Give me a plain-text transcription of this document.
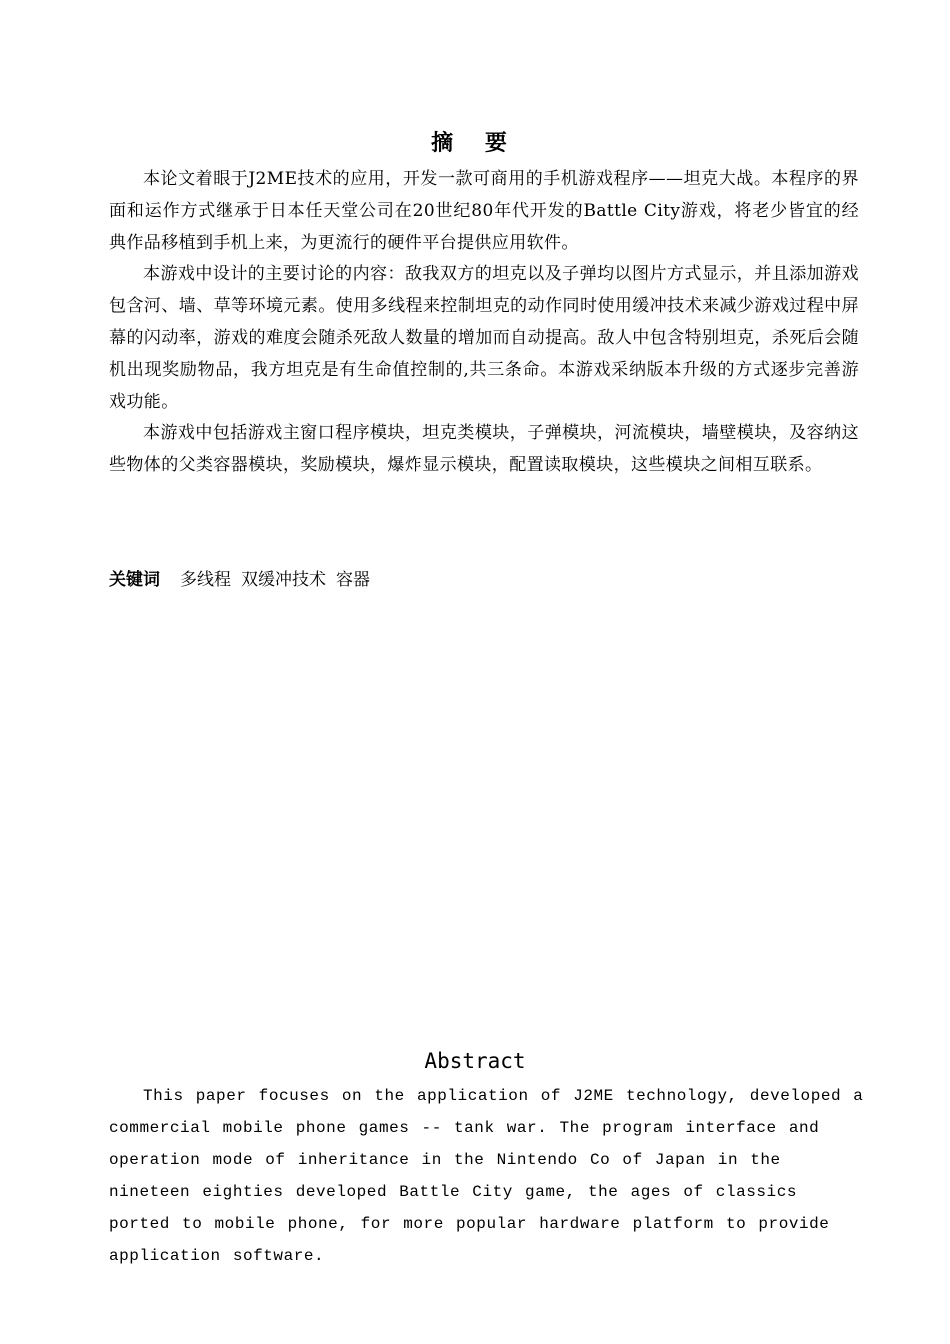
摘 要

本论文着眼于J2ME技术的应用，开发一款可商用的手机游戏程序——坦克大战。本程序的界面和运作方式继承于日本任天堂公司在20世纪80年代开发的Battle City游戏，将老少皆宜的经典作品移植到手机上来，为更流行的硬件平台提供应用软件。

本游戏中设计的主要讨论的内容：敌我双方的坦克以及子弹均以图片方式显示，并且添加游戏包含河、墙、草等环境元素。使用多线程来控制坦克的动作同时使用缓冲技术来减少游戏过程中屏幕的闪动率，游戏的难度会随杀死敌人数量的增加而自动提高。敌人中包含特别坦克，杀死后会随机出现奖励物品，我方坦克是有生命值控制的,共三条命。本游戏采纳版本升级的方式逐步完善游戏功能。

本游戏中包括游戏主窗口程序模块，坦克类模块，子弹模块，河流模块，墙壁模块，及容纳这些物体的父类容器模块，奖励模块，爆炸显示模块，配置读取模块，这些模块之间相互联系。

关键词 多线程 双缓冲技术 容器
Abstract

This paper focuses on the application of J2ME technology, developed a commercial mobile phone games -- tank war. The program interface and operation mode of inheritance in the Nintendo Co of Japan in the nineteen eighties developed Battle City game, the ages of classics ported to mobile phone, for more popular hardware platform to provide application software.
